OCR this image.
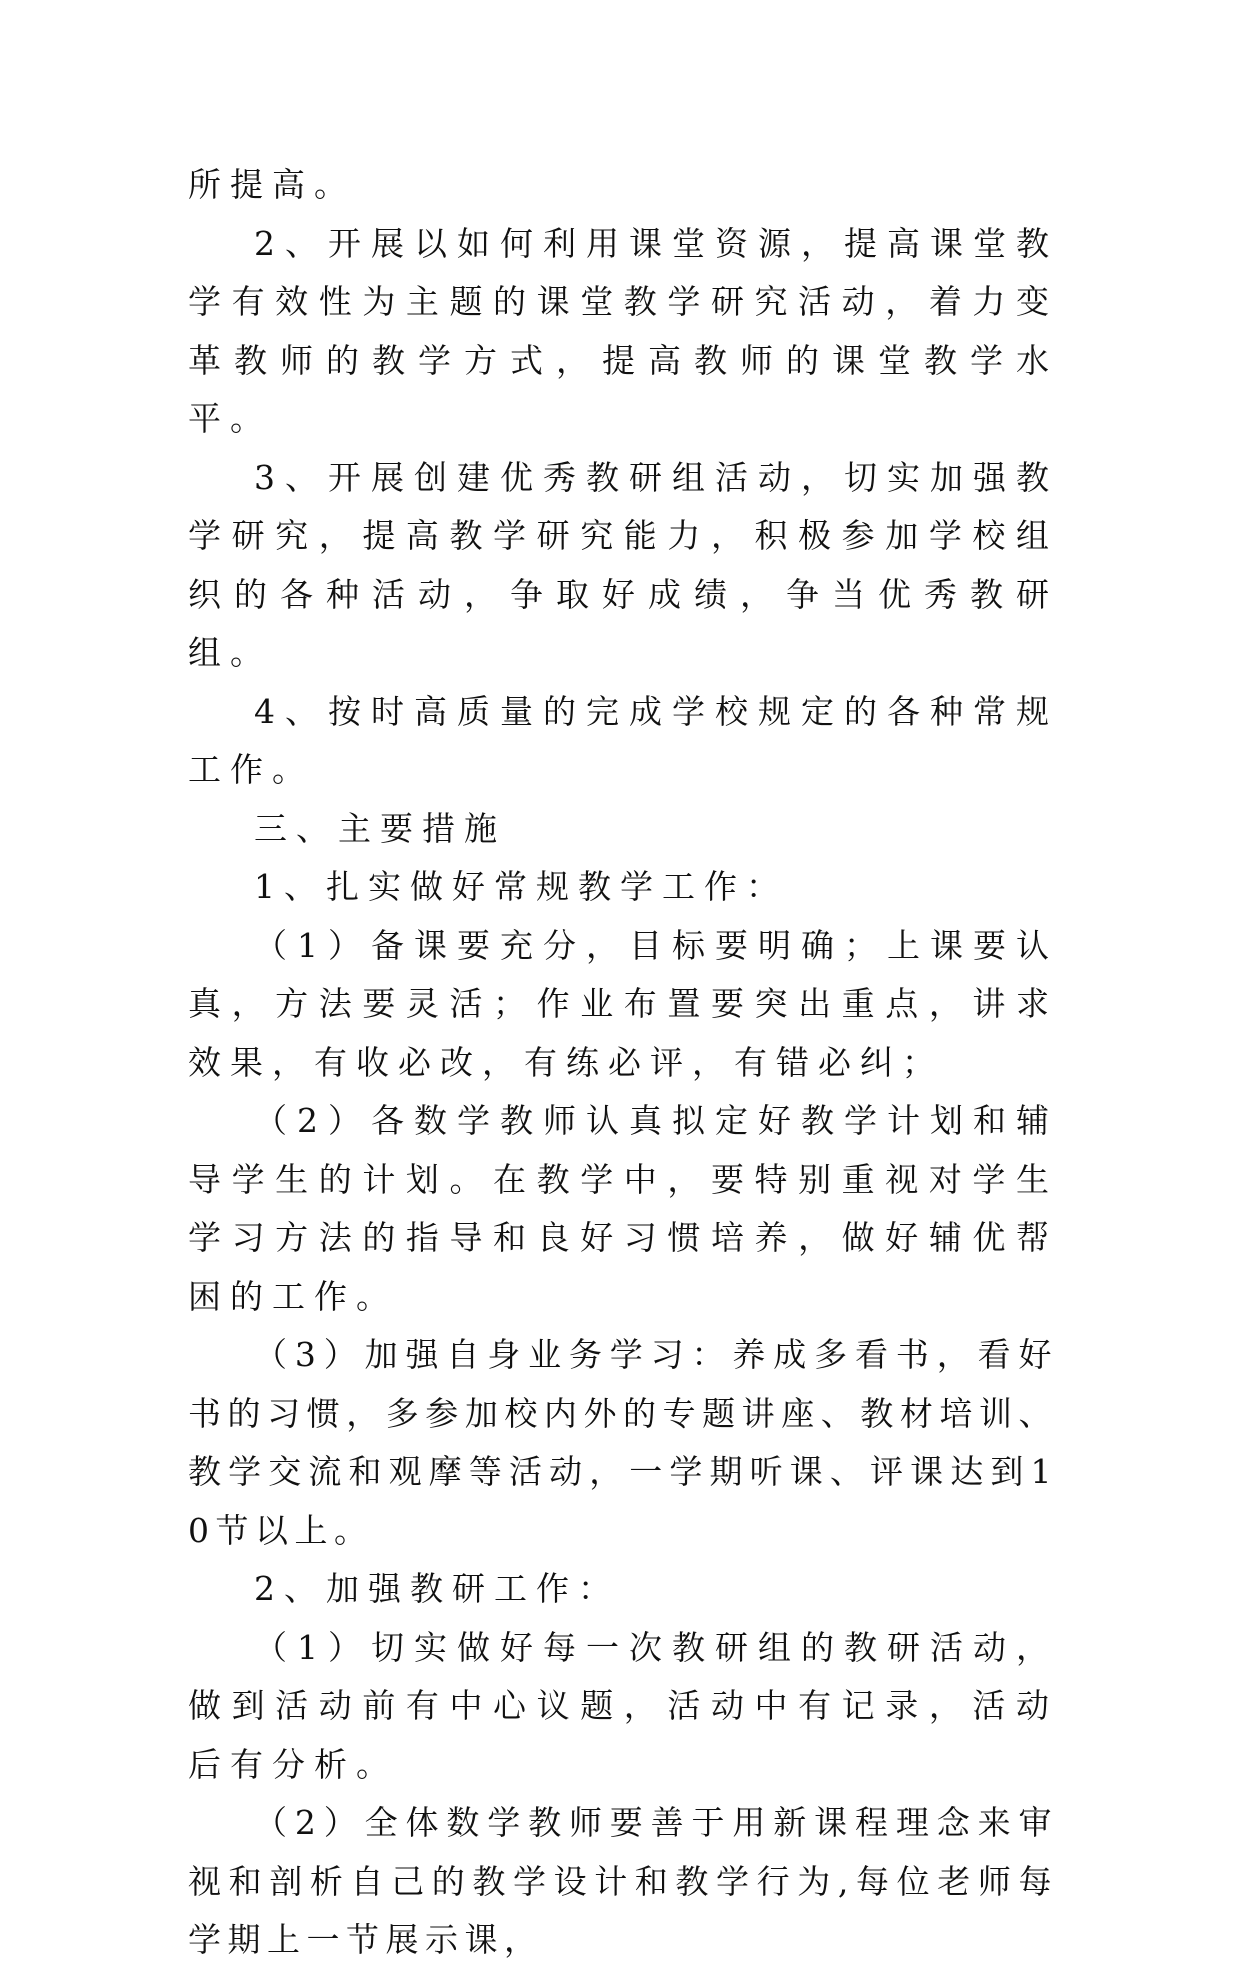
所提高。

2、开展以如何利用课堂资源，提高课堂教学有效性为主题的课堂教学研究活动，着力变革教师的教学方式，提高教师的课堂教学水平。

3、开展创建优秀教研组活动，切实加强教学研究，提高教学研究能力，积极参加学校组织的各种活动，争取好成绩，争当优秀教研组。

4、按时高质量的完成学校规定的各种常规工作。

三、主要措施

1、扎实做好常规教学工作：

（1）备课要充分，目标要明确；上课要认真，方法要灵活；作业布置要突出重点，讲求效果，有收必改，有练必评，有错必纠；

（2）各数学教师认真拟定好教学计划和辅导学生的计划。在教学中，要特别重视对学生学习方法的指导和良好习惯培养，做好辅优帮困的工作。

（3）加强自身业务学习：养成多看书，看好书的习惯，多参加校内外的专题讲座、教材培训、教学交流和观摩等活动，一学期听课、评课达到10节以上。

2、加强教研工作：

（1）切实做好每一次教研组的教研活动，做到活动前有中心议题，活动中有记录，活动后有分析。

（2）全体数学教师要善于用新课程理念来审视和剖析自己的教学设计和教学行为,每位老师每学期上一节展示课，
